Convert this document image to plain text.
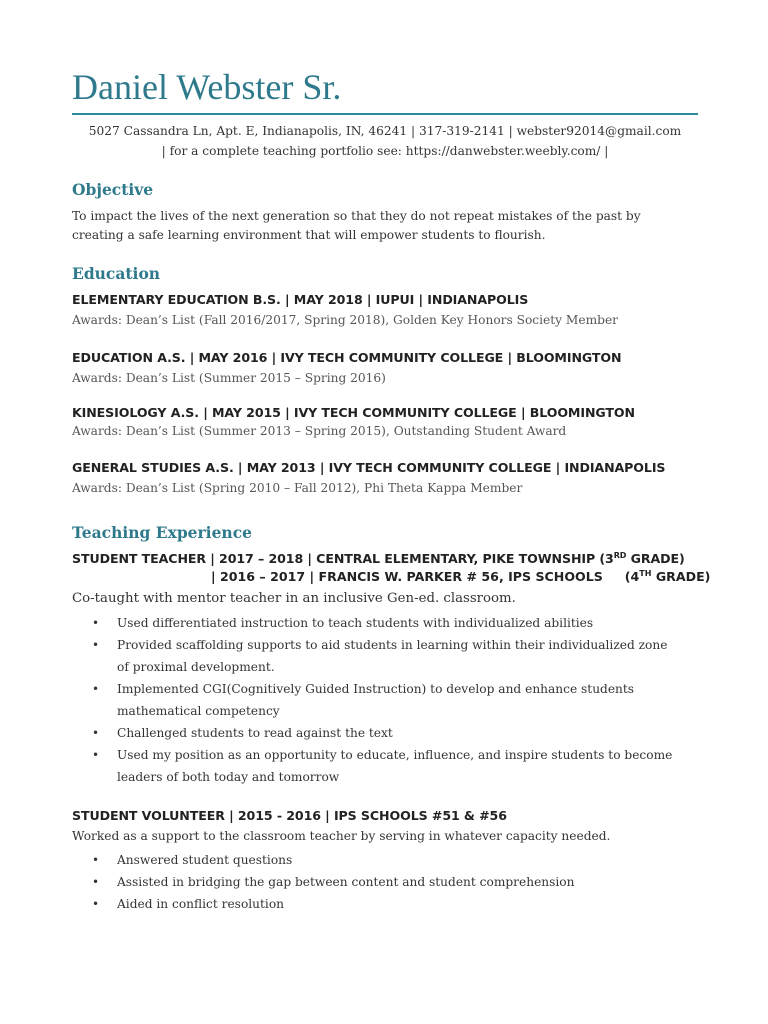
Daniel Webster Sr.
5027 Cassandra Ln, Apt. E, Indianapolis, IN, 46241 | 317-319-2141 | webster92014@gmail.com
| for a complete teaching portfolio see: https://danwebster.weebly.com/ |
Objective
To impact the lives of the next generation so that they do not repeat mistakes of the past by
creating a safe learning environment that will empower students to flourish.
Education
ELEMENTARY EDUCATION B.S. | MAY 2018 | IUPUI | INDIANAPOLIS
Awards: Dean’s List (Fall 2016/2017, Spring 2018), Golden Key Honors Society Member
EDUCATION A.S. | MAY 2016 | IVY TECH COMMUNITY COLLEGE | BLOOMINGTON
Awards: Dean’s List (Summer 2015 – Spring 2016)
KINESIOLOGY A.S. | MAY 2015 | IVY TECH COMMUNITY COLLEGE | BLOOMINGTON
Awards: Dean’s List (Summer 2013 – Spring 2015), Outstanding Student Award
GENERAL STUDIES A.S. | MAY 2013 | IVY TECH COMMUNITY COLLEGE | INDIANAPOLIS
Awards: Dean’s List (Spring 2010 – Fall 2012), Phi Theta Kappa Member
Teaching Experience
STUDENT TEACHER | 2017 – 2018 | CENTRAL ELEMENTARY, PIKE TOWNSHIP (3RD GRADE)
| 2016 – 2017 | FRANCIS W. PARKER # 56, IPS SCHOOLS     (4TH GRADE)
Co-taught with mentor teacher in an inclusive Gen-ed. classroom.
• Used differentiated instruction to teach students with individualized abilities
• Provided scaffolding supports to aid students in learning within their individualized zone
of proximal development.
• Implemented CGI(Cognitively Guided Instruction) to develop and enhance students
mathematical competency
• Challenged students to read against the text
• Used my position as an opportunity to educate, influence, and inspire students to become
leaders of both today and tomorrow
STUDENT VOLUNTEER | 2015 - 2016 | IPS SCHOOLS #51 & #56
Worked as a support to the classroom teacher by serving in whatever capacity needed.
• Answered student questions
• Assisted in bridging the gap between content and student comprehension
• Aided in conflict resolution
